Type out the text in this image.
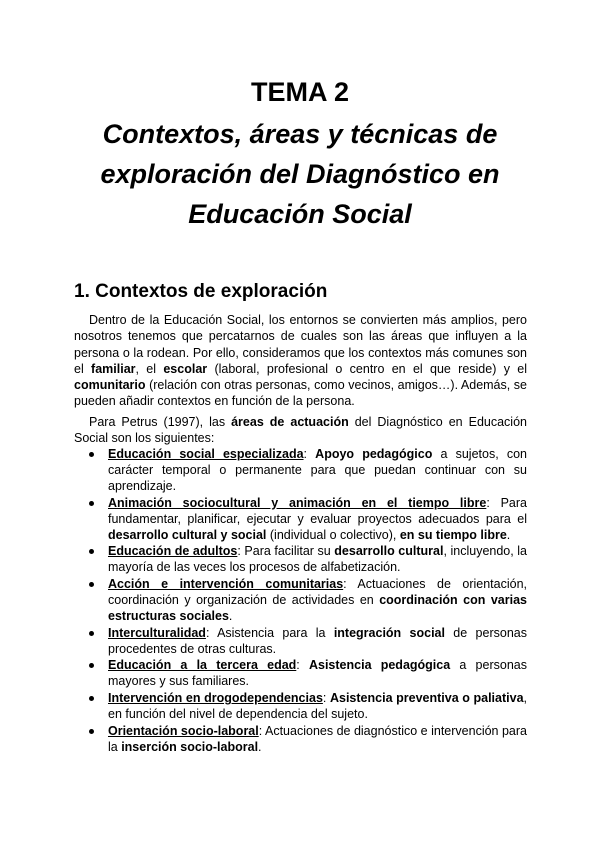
TEMA 2
Contextos, áreas y técnicas de
exploración del Diagnóstico en
Educación Social
1. Contextos de exploración

Dentro de la Educación Social, los entornos se convierten más amplios, pero nosotros tenemos que percatarnos de cuales son las áreas que influyen a la persona o la rodean. Por ello, consideramos que los contextos más comunes son el familiar, el escolar (laboral, profesional o centro en el que reside) y el comunitario (relación con otras personas, como vecinos, amigos…). Además, se pueden añadir contextos en función de la persona.

Para Petrus (1997), las áreas de actuación del Diagnóstico en Educación Social son los siguientes:

Educación social especializada: Apoyo pedagógico a sujetos, con carácter temporal o permanente para que puedan continuar con su aprendizaje.
Animación sociocultural y animación en el tiempo libre: Para fundamentar, planificar, ejecutar y evaluar proyectos adecuados para el desarrollo cultural y social (individual o colectivo), en su tiempo libre.
Educación de adultos: Para facilitar su desarrollo cultural, incluyendo, la mayoría de las veces los procesos de alfabetización.
Acción e intervención comunitarias: Actuaciones de orientación, coordinación y organización de actividades en coordinación con varias estructuras sociales.
Interculturalidad: Asistencia para la integración social de personas procedentes de otras culturas.
Educación a la tercera edad: Asistencia pedagógica a personas mayores y sus familiares.
Intervención en drogodependencias: Asistencia preventiva o paliativa, en función del nivel de dependencia del sujeto.
Orientación socio-laboral: Actuaciones de diagnóstico e intervención para la inserción socio-laboral.
